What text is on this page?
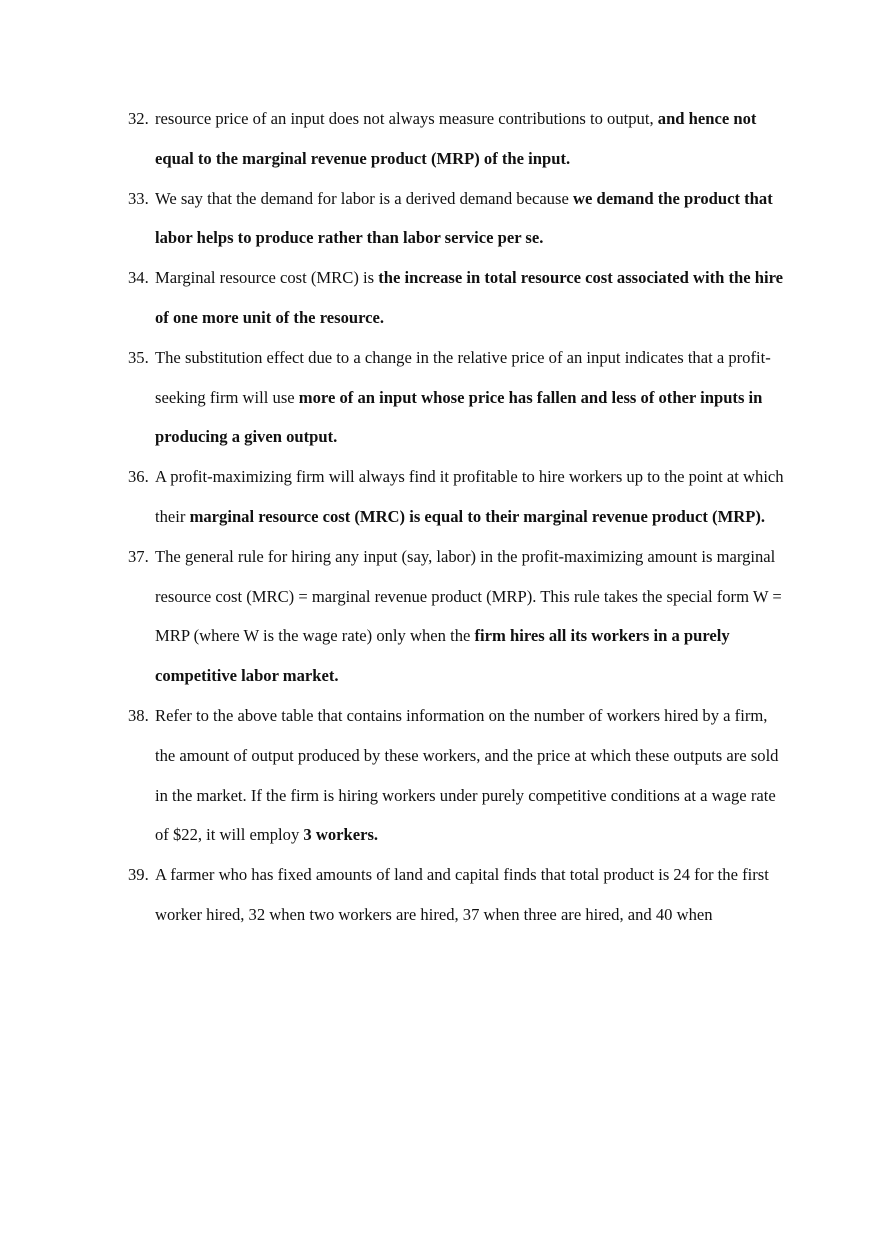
32. resource price of an input does not always measure contributions to output, and hence not equal to the marginal revenue product (MRP) of the input.
33. We say that the demand for labor is a derived demand because we demand the product that labor helps to produce rather than labor service per se.
34. Marginal resource cost (MRC) is the increase in total resource cost associated with the hire of one more unit of the resource.
35. The substitution effect due to a change in the relative price of an input indicates that a profit-seeking firm will use more of an input whose price has fallen and less of other inputs in producing a given output.
36. A profit-maximizing firm will always find it profitable to hire workers up to the point at which their marginal resource cost (MRC) is equal to their marginal revenue product (MRP).
37. The general rule for hiring any input (say, labor) in the profit-maximizing amount is marginal resource cost (MRC) = marginal revenue product (MRP). This rule takes the special form W = MRP (where W is the wage rate) only when the firm hires all its workers in a purely competitive labor market.
38. Refer to the above table that contains information on the number of workers hired by a firm, the amount of output produced by these workers, and the price at which these outputs are sold in the market. If the firm is hiring workers under purely competitive conditions at a wage rate of $22, it will employ 3 workers.
39. A farmer who has fixed amounts of land and capital finds that total product is 24 for the first worker hired, 32 when two workers are hired, 37 when three are hired, and 40 when
